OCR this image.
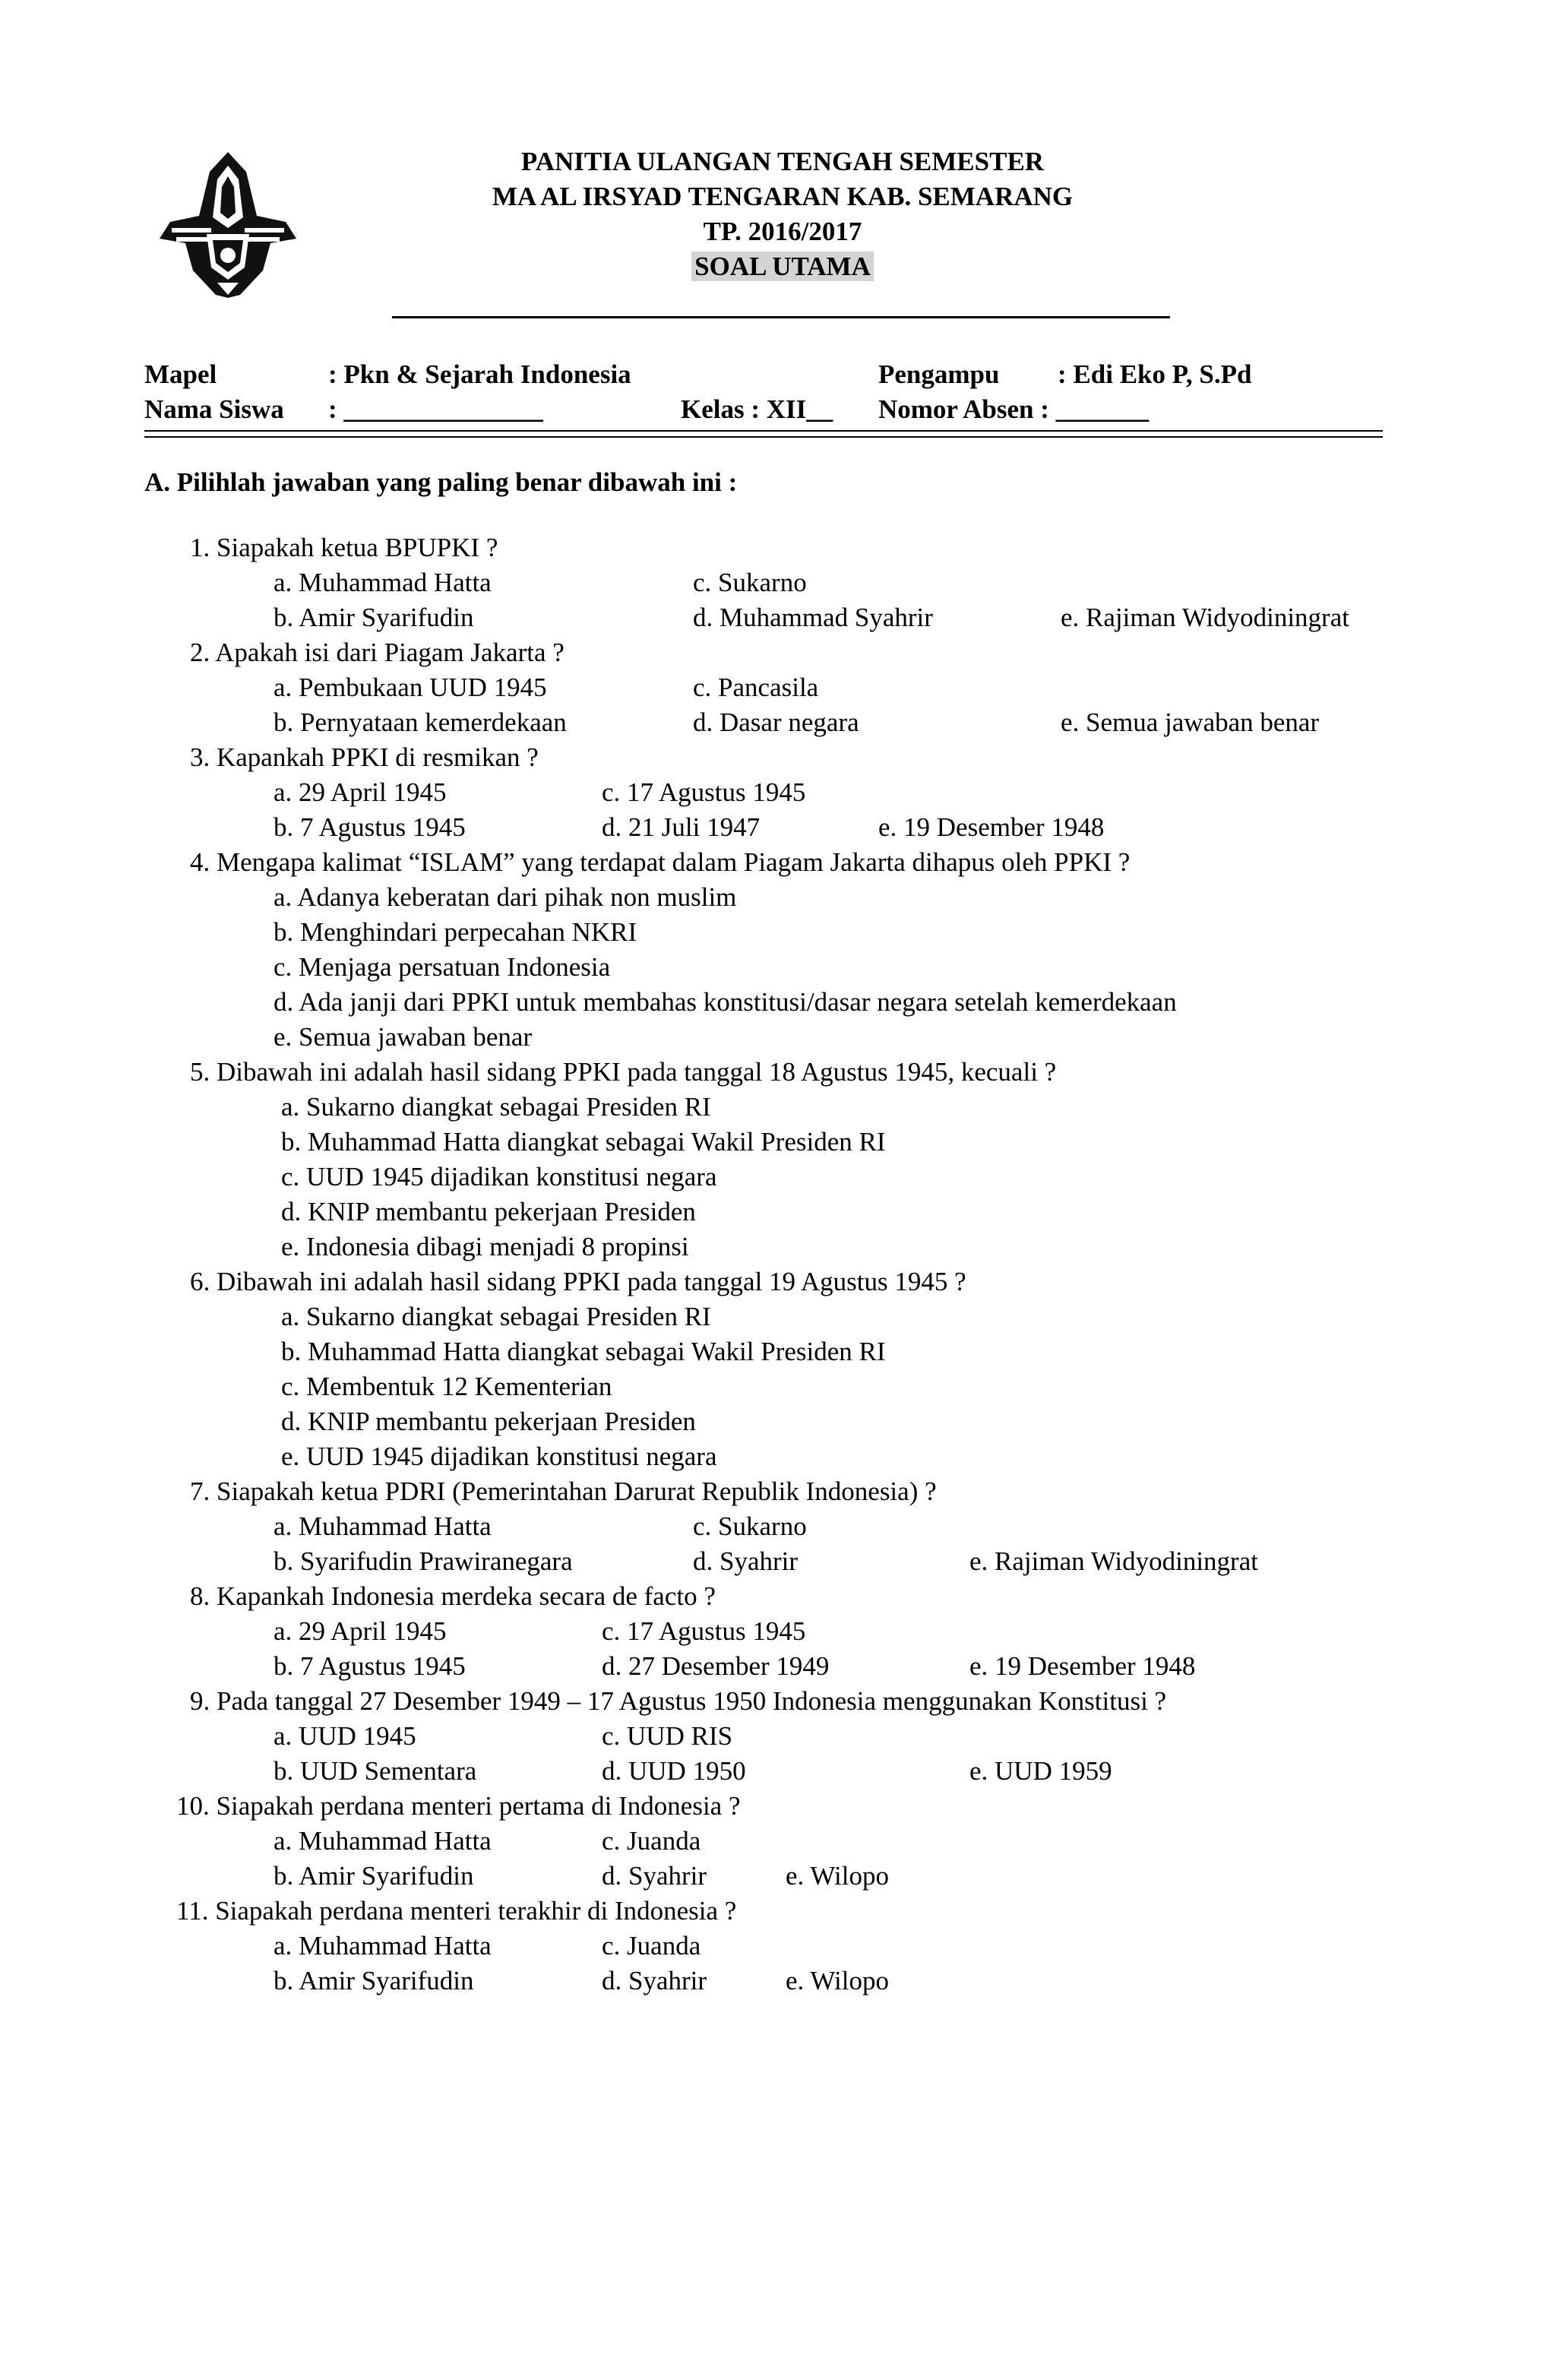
PANITIA ULANGAN TENGAH SEMESTER
MA AL IRSYAD TENGARAN KAB. SEMARANG
TP. 2016/2017
SOAL UTAMA
Mapel	: Pkn & Sejarah Indonesia	Pengampu : Edi Eko P, S.Pd
Nama Siswa : _______________	Kelas : XII__ Nomor Absen : _______
A. Pilihlah jawaban yang paling benar dibawah ini :
1. Siapakah ketua BPUPKI ?
a. Muhammad Hatta	c. Sukarno
b. Amir Syarifudin	d. Muhammad Syahrir	e. Rajiman Widyodiningrat
2. Apakah isi dari Piagam Jakarta ?
a. Pembukaan UUD 1945	c. Pancasila
b. Pernyataan kemerdekaan	d. Dasar negara	e. Semua jawaban benar
3. Kapankah PPKI di resmikan ?
a. 29 April 1945	c. 17 Agustus 1945
b. 7 Agustus 1945	d. 21 Juli 1947	e. 19 Desember 1948
4. Mengapa kalimat “ISLAM” yang terdapat dalam Piagam Jakarta dihapus oleh PPKI ?
a. Adanya keberatan dari pihak non muslim
b. Menghindari perpecahan NKRI
c. Menjaga persatuan Indonesia
d. Ada janji dari PPKI untuk membahas konstitusi/dasar negara setelah kemerdekaan
e. Semua jawaban benar
5. Dibawah ini adalah hasil sidang PPKI pada tanggal 18 Agustus 1945, kecuali ?
a. Sukarno diangkat sebagai Presiden RI
b. Muhammad Hatta diangkat sebagai Wakil Presiden RI
c. UUD 1945 dijadikan konstitusi negara
d. KNIP membantu pekerjaan Presiden
e. Indonesia dibagi menjadi 8 propinsi
6. Dibawah ini adalah hasil sidang PPKI pada tanggal 19 Agustus 1945 ?
a. Sukarno diangkat sebagai Presiden RI
b. Muhammad Hatta diangkat sebagai Wakil Presiden RI
c. Membentuk 12 Kementerian
d. KNIP membantu pekerjaan Presiden
e. UUD 1945 dijadikan konstitusi negara
7. Siapakah ketua PDRI (Pemerintahan Darurat Republik Indonesia) ?
a. Muhammad Hatta	c. Sukarno
b. Syarifudin Prawiranegara	d. Syahrir	e. Rajiman Widyodiningrat
8. Kapankah Indonesia merdeka secara de facto ?
a. 29 April 1945	c. 17 Agustus 1945
b. 7 Agustus 1945	d. 27 Desember 1949	e. 19 Desember 1948
9. Pada tanggal 27 Desember 1949 – 17 Agustus 1950 Indonesia menggunakan Konstitusi ?
a. UUD 1945	c. UUD RIS
b. UUD Sementara	d. UUD 1950	e. UUD 1959
10. Siapakah perdana menteri pertama di Indonesia ?
a. Muhammad Hatta	c. Juanda
b. Amir Syarifudin	d. Syahrir	e. Wilopo
11. Siapakah perdana menteri terakhir di Indonesia ?
a. Muhammad Hatta	c. Juanda
b. Amir Syarifudin	d. Syahrir	e. Wilopo
